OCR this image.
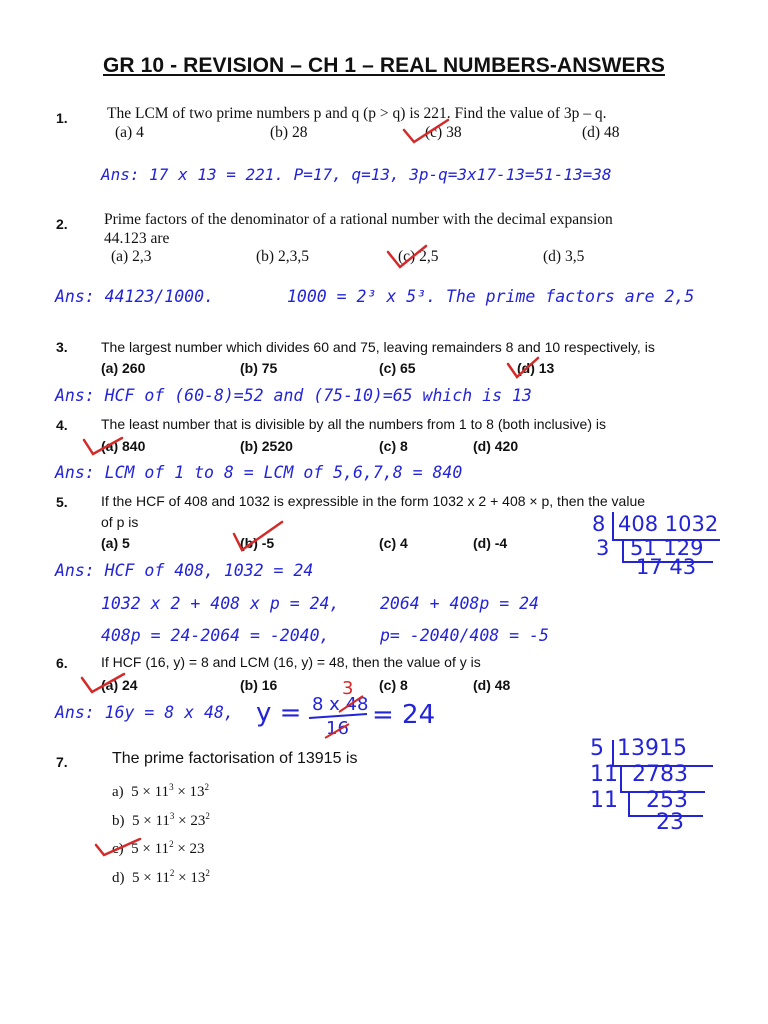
GR 10 - REVISION – CH 1 – REAL NUMBERS-ANSWERS
1.	The LCM of two prime numbers p and q (p > q) is 221. Find the value of 3p – q.
(a) 4	(b) 28	(c) 38	(d) 48
Ans: 17 x 13 = 221. P=17, q=13, 3p-q=3x17-13=51-13=38
2. Prime factors of the denominator of a rational number with the decimal expansion
44.123 are
(a) 2,3	(b) 2,3,5	(c) 2,5	(d) 3,5
Ans: 44123/1000.	1000 = 2³ x 5³. The prime factors are 2,5
3. The largest number which divides 60 and 75, leaving remainders 8 and 10 respectively, is
(a) 260	(b) 75	(c) 65	(d) 13
Ans: HCF of (60-8)=52 and (75-10)=65 which is 13
4. The least number that is divisible by all the numbers from 1 to 8 (both inclusive) is
(a) 840	(b) 2520	(c) 8	(d) 420
Ans: LCM of 1 to 8 = LCM of 5,6,7,8 = 840
5. If the HCF of 408 and 1032 is expressible in the form 1032 x 2 + 408 × p, then the value
of p is
(a) 5	(b) -5	(c) 4	(d) -4
8 408 1032
3 51 129
17 43
Ans: HCF of 408, 1032 = 24
1032 x 2 + 408 x p = 24, 2064 + 408p = 24
408p = 24-2064 = -2040,	p= -2040/408 = -5
6. If HCF (16, y) = 8 and LCM (16, y) = 48, then the value of y is
(a) 24	(b) 16	(c) 8	(d) 48
Ans: 16y = 8 x 48, y = 8 x 48
16
3
= 24
7.	The prime factorisation of 13915 is
a) $5 \times 11^3 \times 13^2$
b) $5 \times 11^3 \times 23^2$
c) $5 \times 11^2 \times 23$
d) $5 \times 11^2 \times 13^2$
5 13915
11 2783
11 253
23
